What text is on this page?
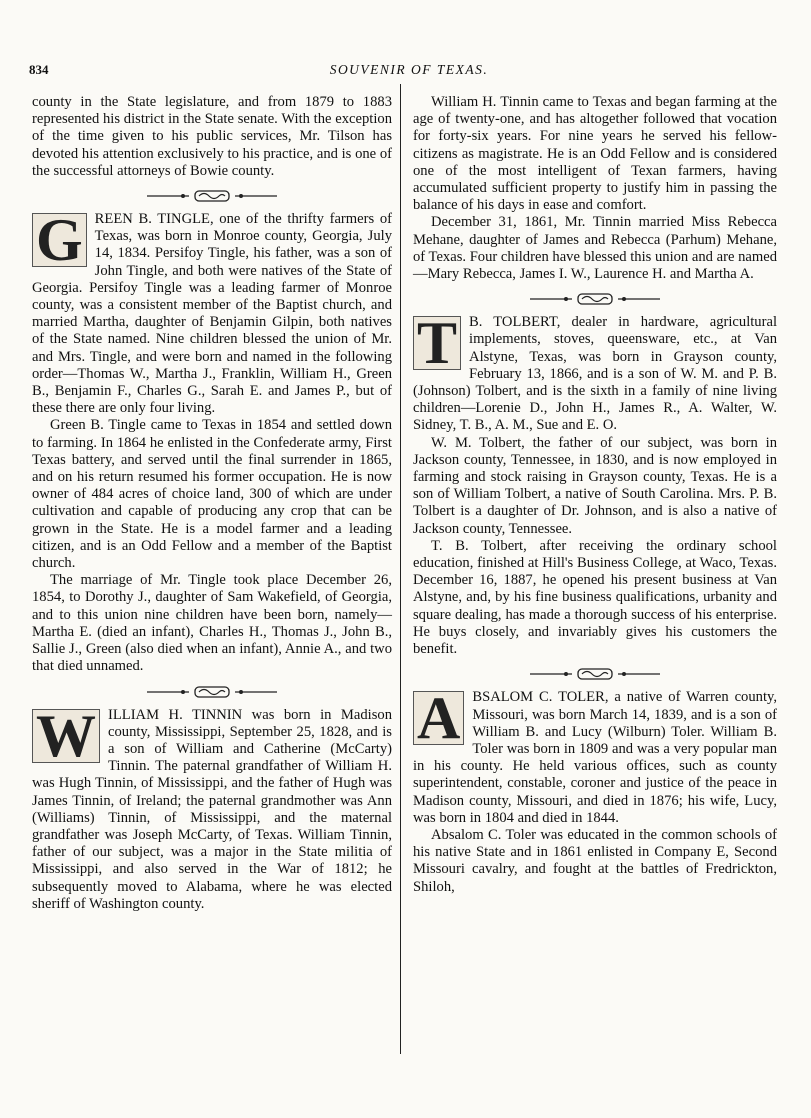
834	SOUVENIR OF TEXAS.

county in the State legislature, and from 1879 to 1883 represented his district in the State senate. With the exception of the time given to his public services, Mr. Tilson has devoted his attention exclusively to his practice, and is one of the successful attorneys of Bowie county.

G REEN B. TINGLE, one of the thrifty farmers of Texas, was born in Monroe county, Georgia, July 14, 1834. Persifoy Tingle, his father, was a son of John Tingle, and both were natives of the State of Georgia. Persifoy Tingle was a leading farmer of Monroe county, was a consistent member of the Baptist church, and married Martha, daughter of Benjamin Gilpin, both natives of the State named. Nine children blessed the union of Mr. and Mrs. Tingle, and were born and named in the following order—Thomas W., Martha J., Franklin, William H., Green B., Benjamin F., Charles G., Sarah E. and James P., but of these there are only four living.

Green B. Tingle came to Texas in 1854 and settled down to farming. In 1864 he enlisted in the Confederate army, First Texas battery, and served until the final surrender in 1865, and on his return resumed his former occupation. He is now owner of 484 acres of choice land, 300 of which are under cultivation and capable of producing any crop that can be grown in the State. He is a model farmer and a leading citizen, and is an Odd Fellow and a member of the Baptist church.

The marriage of Mr. Tingle took place December 26, 1854, to Dorothy J., daughter of Sam Wakefield, of Georgia, and to this union nine children have been born, namely—Martha E. (died an infant), Charles H., Thomas J., John B., Sallie J., Green (also died when an infant), Annie A., and two that died unnamed.

W ILLIAM H. TINNIN was born in Madison county, Mississippi, September 25, 1828, and is a son of William and Catherine (McCarty) Tinnin. The paternal grandfather of William H. was Hugh Tinnin, of Mississippi, and the father of Hugh was James Tinnin, of Ireland; the paternal grandmother was Ann (Williams) Tinnin, of Mississippi, and the maternal grandfather was Joseph McCarty, of Texas. William Tinnin, father of our subject, was a major in the State militia of Mississippi, and also served in the War of 1812; he subsequently moved to Alabama, where he was elected sheriff of Washington county.

William H. Tinnin came to Texas and began farming at the age of twenty-one, and has altogether followed that vocation for forty-six years. For nine years he served his fellow-citizens as magistrate. He is an Odd Fellow and is considered one of the most intelligent of Texan farmers, having accumulated sufficient property to justify him in passing the balance of his days in ease and comfort.

December 31, 1861, Mr. Tinnin married Miss Rebecca Mehane, daughter of James and Rebecca (Parhum) Mehane, of Texas. Four children have blessed this union and are named —Mary Rebecca, James I. W., Laurence H. and Martha A.

T B. TOLBERT, dealer in hardware, agricultural implements, stoves, queensware, etc., at Van Alstyne, Texas, was born in Grayson county, February 13, 1866, and is a son of W. M. and P. B. (Johnson) Tolbert, and is the sixth in a family of nine living children—Lorenie D., John H., James R., A. Walter, W. Sidney, T. B., A. M., Sue and E. O.

W. M. Tolbert, the father of our subject, was born in Jackson county, Tennessee, in 1830, and is now employed in farming and stock raising in Grayson county, Texas. He is a son of William Tolbert, a native of South Carolina. Mrs. P. B. Tolbert is a daughter of Dr. Johnson, and is also a native of Jackson county, Tennessee.

T. B. Tolbert, after receiving the ordinary school education, finished at Hill's Business College, at Waco, Texas. December 16, 1887, he opened his present business at Van Alstyne, and, by his fine business qualifications, urbanity and square dealing, has made a thorough success of his enterprise. He buys closely, and invariably gives his customers the benefit.

A BSALOM C. TOLER, a native of Warren county, Missouri, was born March 14, 1839, and is a son of William B. and Lucy (Wilburn) Toler. William B. Toler was born in 1809 and was a very popular man in his county. He held various offices, such as county superintendent, constable, coroner and justice of the peace in Madison county, Missouri, and died in 1876; his wife, Lucy, was born in 1804 and died in 1844.

Absalom C. Toler was educated in the common schools of his native State and in 1861 enlisted in Company E, Second Missouri cavalry, and fought at the battles of Fredrickton, Shiloh,
